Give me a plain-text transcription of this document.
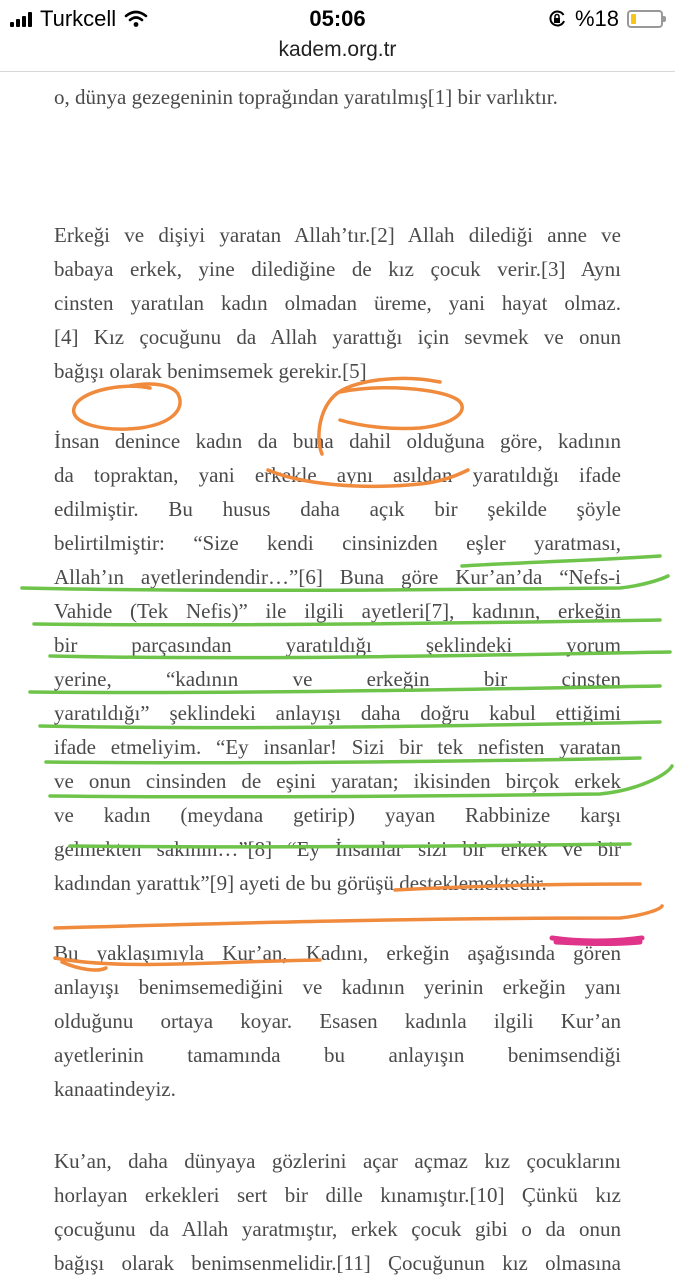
Turkcell	05:06	%18
kadem.org.tr
o, dünya gezegeninin toprağından yaratılmış[1] bir varlıktır.
Erkeği ve dişiyi yaratan Allah’tır.[2] Allah dilediği anne ve
babaya erkek, yine dilediğine de kız çocuk verir.[3] Aynı
cinsten yaratılan kadın olmadan üreme, yani hayat olmaz.
[4] Kız çocuğunu da Allah yarattığı için sevmek ve onun
bağışı olarak benimsemek gerekir.[5]
İnsan denince kadın da buna dahil olduğuna göre, kadının
da topraktan, yani erkekle aynı asıldan yaratıldığı ifade
edilmiştir. Bu husus daha açık bir şekilde şöyle
belirtilmiştir: “Size kendi cinsinizden eşler yaratması,
Allah’ın ayetlerindendir…”[6] Buna göre Kur’an’da “Nefs-i
Vahide (Tek Nefis)” ile ilgili ayetleri[7], kadının, erkeğin
bir parçasından yaratıldığı şeklindeki yorum
yerine, “kadının ve erkeğin bir cinsten
yaratıldığı” şeklindeki anlayışı daha doğru kabul ettiğimi
ifade etmeliyim. “Ey insanlar! Sizi bir tek nefisten yaratan
ve onun cinsinden de eşini yaratan; ikisinden birçok erkek
ve kadın (meydana getirip) yayan Rabbinize karşı
gelmekten sakının…”[8] “Ey İnsanlar sizi bir erkek ve bir
kadından yarattık”[9] ayeti de bu görüşü desteklemektedir.
Bu yaklaşımıyla Kur’an, Kadını, erkeğin aşağısında gören
anlayışı benimsemediğini ve kadının yerinin erkeğin yanı
olduğunu ortaya koyar. Esasen kadınla ilgili Kur’an
ayetlerinin tamamında bu anlayışın benimsendiği
kanaatindeyiz.
Ku’an, daha dünyaya gözlerini açar açmaz kız çocuklarını
horlayan erkekleri sert bir dille kınamıştır.[10] Çünkü kız
çocuğunu da Allah yaratmıştır, erkek çocuk gibi o da onun
bağışı olarak benimsenmelidir.[11] Çocuğunun kız olmasına
